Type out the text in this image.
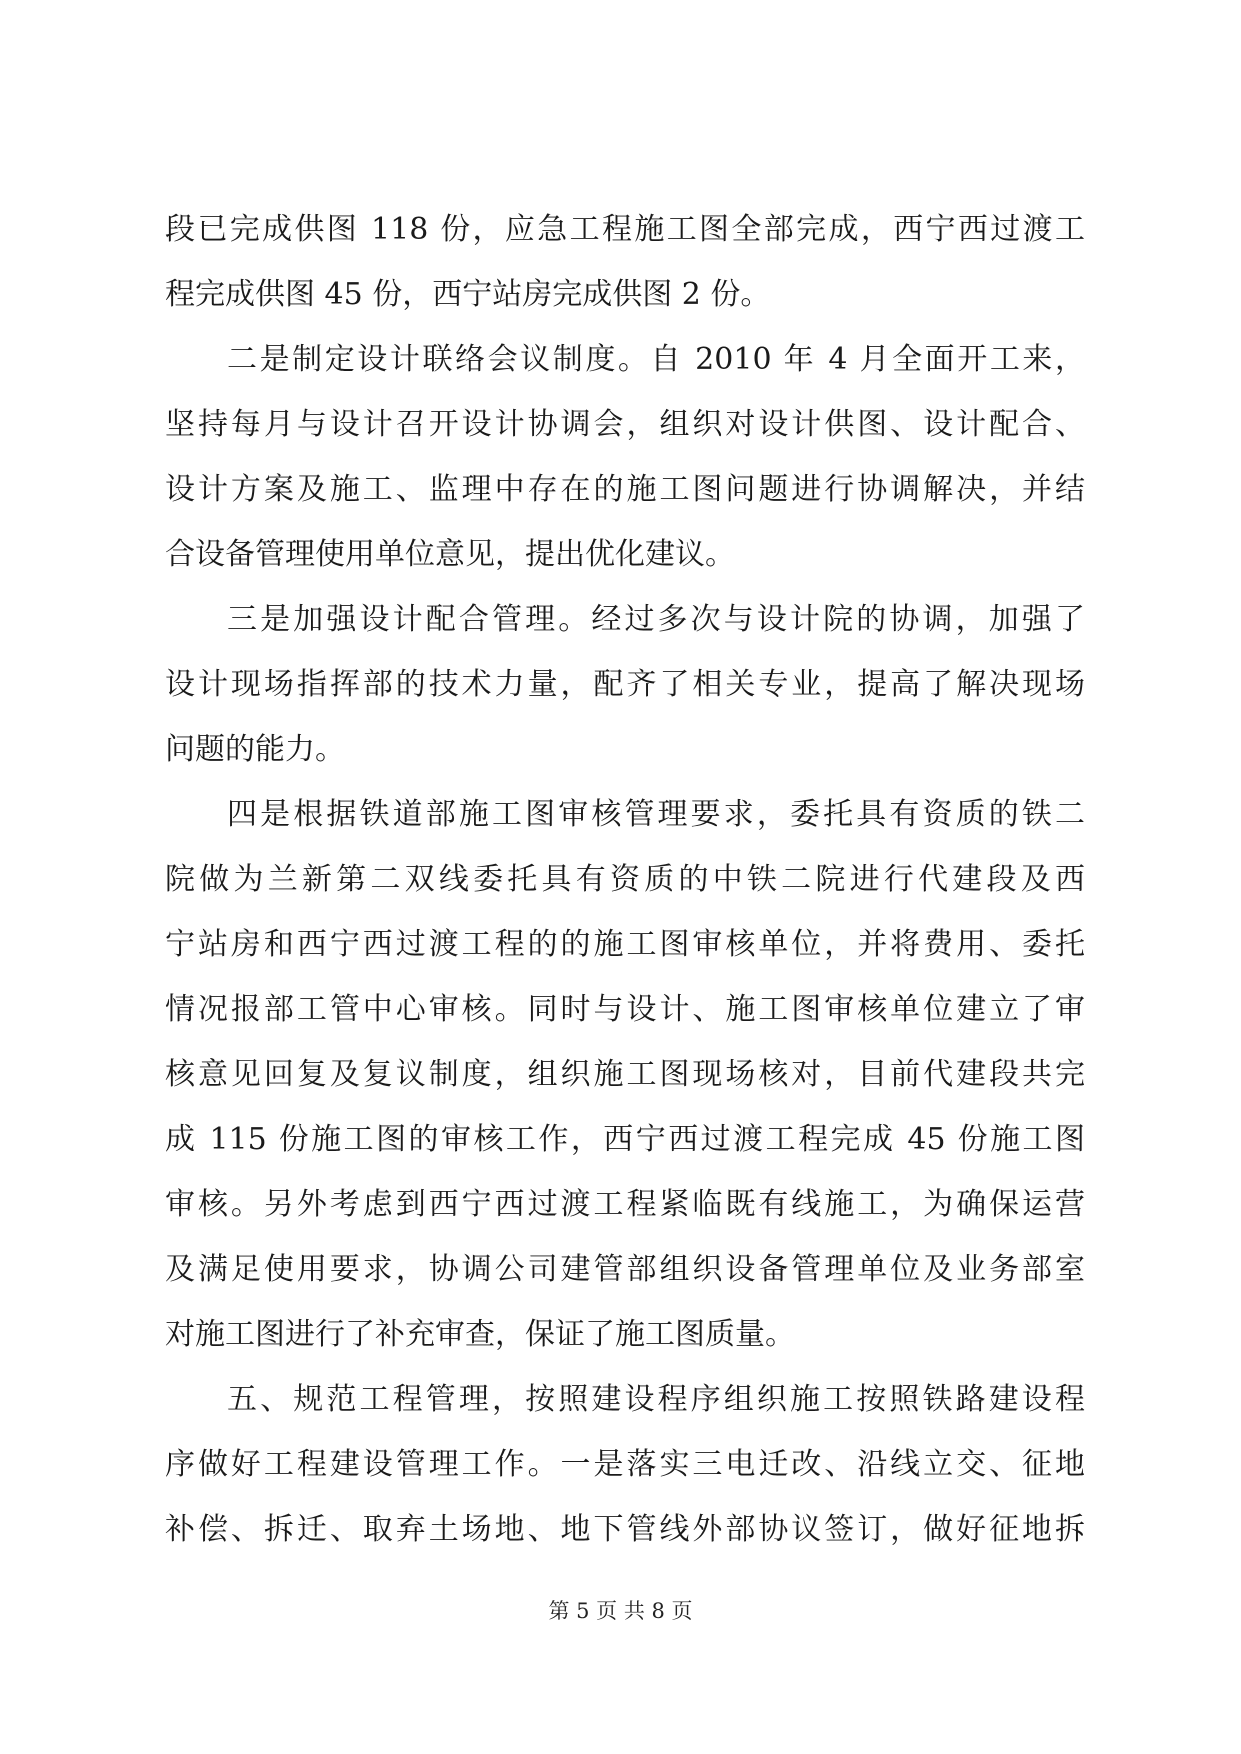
段已完成供图 118 份，应急工程施工图全部完成，西宁西过渡工
程完成供图 45 份，西宁站房完成供图 2 份。
二是制定设计联络会议制度。自 2010 年 4 月全面开工来，
坚持每月与设计召开设计协调会，组织对设计供图、设计配合、
设计方案及施工、监理中存在的施工图问题进行协调解决，并结
合设备管理使用单位意见，提出优化建议。
三是加强设计配合管理。经过多次与设计院的协调，加强了
设计现场指挥部的技术力量，配齐了相关专业，提高了解决现场
问题的能力。
四是根据铁道部施工图审核管理要求，委托具有资质的铁二
院做为兰新第二双线委托具有资质的中铁二院进行代建段及西
宁站房和西宁西过渡工程的的施工图审核单位，并将费用、委托
情况报部工管中心审核。同时与设计、施工图审核单位建立了审
核意见回复及复议制度，组织施工图现场核对，目前代建段共完
成 115 份施工图的审核工作，西宁西过渡工程完成 45 份施工图
审核。另外考虑到西宁西过渡工程紧临既有线施工，为确保运营
及满足使用要求，协调公司建管部组织设备管理单位及业务部室
对施工图进行了补充审查，保证了施工图质量。
五、规范工程管理，按照建设程序组织施工按照铁路建设程
序做好工程建设管理工作。一是落实三电迁改、沿线立交、征地
补偿、拆迁、取弃土场地、地下管线外部协议签订，做好征地拆
第 5 页 共 8 页
